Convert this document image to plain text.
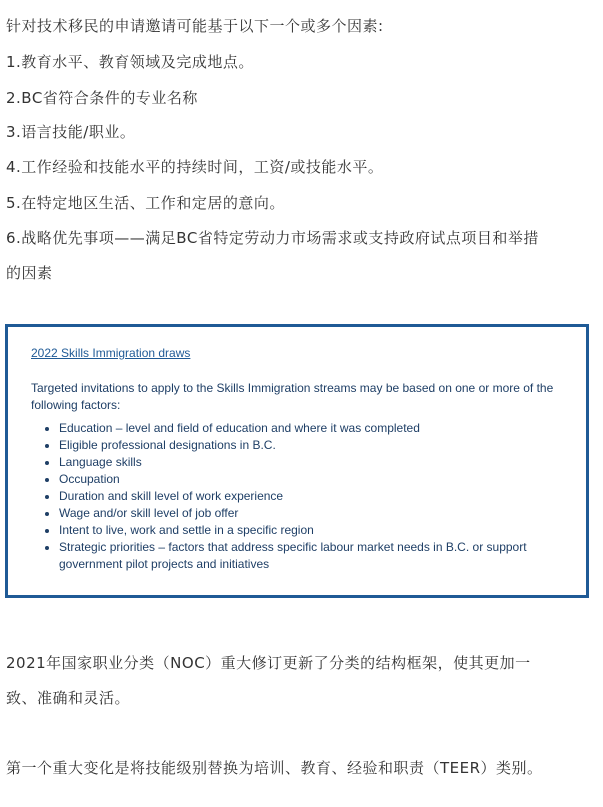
针对技术移民的申请邀请可能基于以下一个或多个因素:
1.教育水平、教育领域及完成地点。
2.BC省符合条件的专业名称
3.语言技能/职业。
4.工作经验和技能水平的持续时间，工资/或技能水平。
5.在特定地区生活、工作和定居的意向。
6.战略优先事项——满足BC省特定劳动力市场需求或支持政府试点项目和举措
的因素
2022 Skills Immigration draws
Targeted invitations to apply to the Skills Immigration streams may be based on one or more of the following factors:
• Education – level and field of education and where it was completed
• Eligible professional designations in B.C.
• Language skills
• Occupation
• Duration and skill level of work experience
• Wage and/or skill level of job offer
• Intent to live, work and settle in a specific region
• Strategic priorities – factors that address specific labour market needs in B.C. or support government pilot projects and initiatives
2021年国家职业分类（NOC）重大修订更新了分类的结构框架，使其更加一
致、准确和灵活。
第一个重大变化是将技能级别替换为培训、教育、经验和职责（TEER）类别。
